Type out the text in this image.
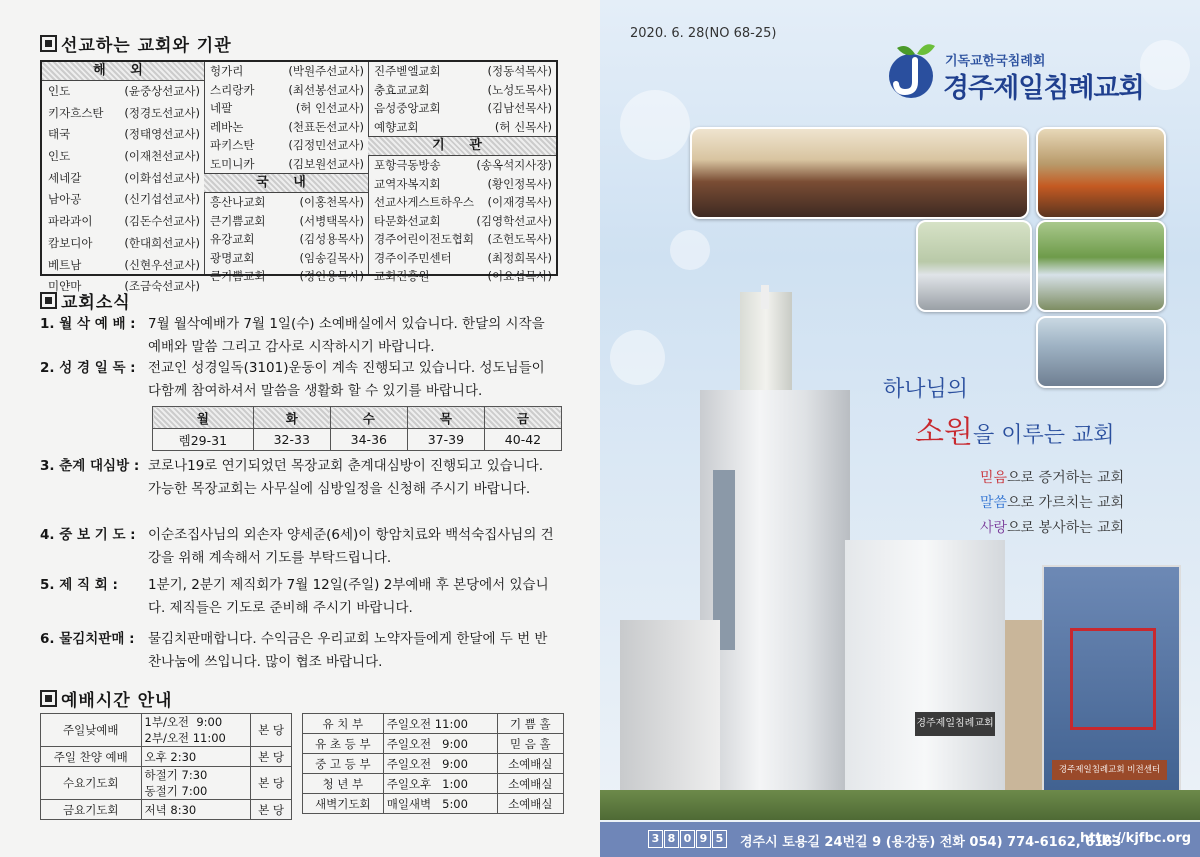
선교하는 교회와 기관
해 외
인도	(윤중상선교사)
키자흐스탄 (정경도선교사)
태국	(정태영선교사)
인도	(이재천선교사)
세네갈	(이화섭선교사)
남아공	(신기섭선교사)
파라과이	(김돈수선교사)
캄보디아	(한대희선교사)
베트남	(신현우선교사)
미얀마	(조금숙선교사)
헝가리	(박원주선교사)
스리랑카	(최선봉선교사)
네팔	(허 인선교사)
레바논	(천표돈선교사)
파키스탄	(김정민선교사)
도미니카	(김보원선교사)
국 내
흥산나교회	(이홍천목사)
큰기쁨교회	(서병택목사)
유강교회	(김성용목사)
광명교회	(임송길목사)
큰기쁨교회	(정인용목사)
진주벧엘교회	(정동석목사)
충효교교회	(노성도목사)
음성중앙교회	(김남선목사)
예향교회	(허 신목사)
기 관
포항극동방송	(송옥석지사장)
교역자복지회	(황인정목사)
선교사게스트하우스 (이재경목사)
타문화선교회	(김영학선교사)
경주어린이전도협회 (조헌도목사)
경주이주민센터	(최정희목사)
교회진흥원	(이요섭목사)
교회소식
1. 월 삭 예 배 : 7월 월삭예배가 7월 1일(수) 소예배실에서 있습니다. 한달의 시작을 예배와 말씀 그리고 감사로 시작하시기 바랍니다.
2. 성 경 일 독 : 전교인 성경일독(3101)운동이 계속 진행되고 있습니다. 성도님들이 다함께 참여하셔서 말씀을 생활화 할 수 있기를 바랍니다.
3. 춘계 대심방 : 코로나19로 연기되었던 목장교회 춘계대심방이 진행되고 있습니다. 가능한 목장교회는 사무실에 심방일정을 신청해 주시기 바랍니다.
4. 중 보 기 도 : 이순조집사님의 외손자 양세준(6세)이 항암치료와 백석숙집사님의 건강을 위해 계속해서 기도를 부탁드립니다.
5. 제 직 회 : 1분기, 2분기 제직회가 7월 12일(주일) 2부예배 후 본당에서 있습니다. 제직들은 기도로 준비해 주시기 바랍니다.
6. 물김치판매 : 물김치판매합니다. 수익금은 우리교회 노약자들에게 한달에 두 번 반찬나눔에 쓰입니다. 많이 협조 바랍니다.
월	화	수	목	금
렘29-31	32-33	34-36	37-39	40-42
예배시간 안내
주일낮예배	1부/오전  9:00
2부/오전 11:00	본 당
주일 찬양 예배	오후 2:30	본 당
수요기도회	하절기 7:30
동절기 7:00	본 당
금요기도회	저녁 8:30	본 당
유 치 부	주일오전 11:00	기 쁨 홀
유 초 등 부	주일오전   9:00	믿 음 홀
중 고 등 부	주일오전   9:00	소예배실
청 년 부	주일오후   1:00	소예배실
새벽기도회	매일새벽   5:00	소예배실
2020. 6. 28(NO 68-25)
기독교한국침례회
경주제일침례교회
하나님의
소원을 이루는 교회
믿음으로 증거하는 교회
말씀으로 가르치는 교회
사랑으로 봉사하는 교회
경주제일침례교회
경주제일침례교회 비전센터
3 8 0 9 5 경주시 토용길 24번길 9 (용강동) 전화 054) 774-6162, 6163
http://kjfbc.org
